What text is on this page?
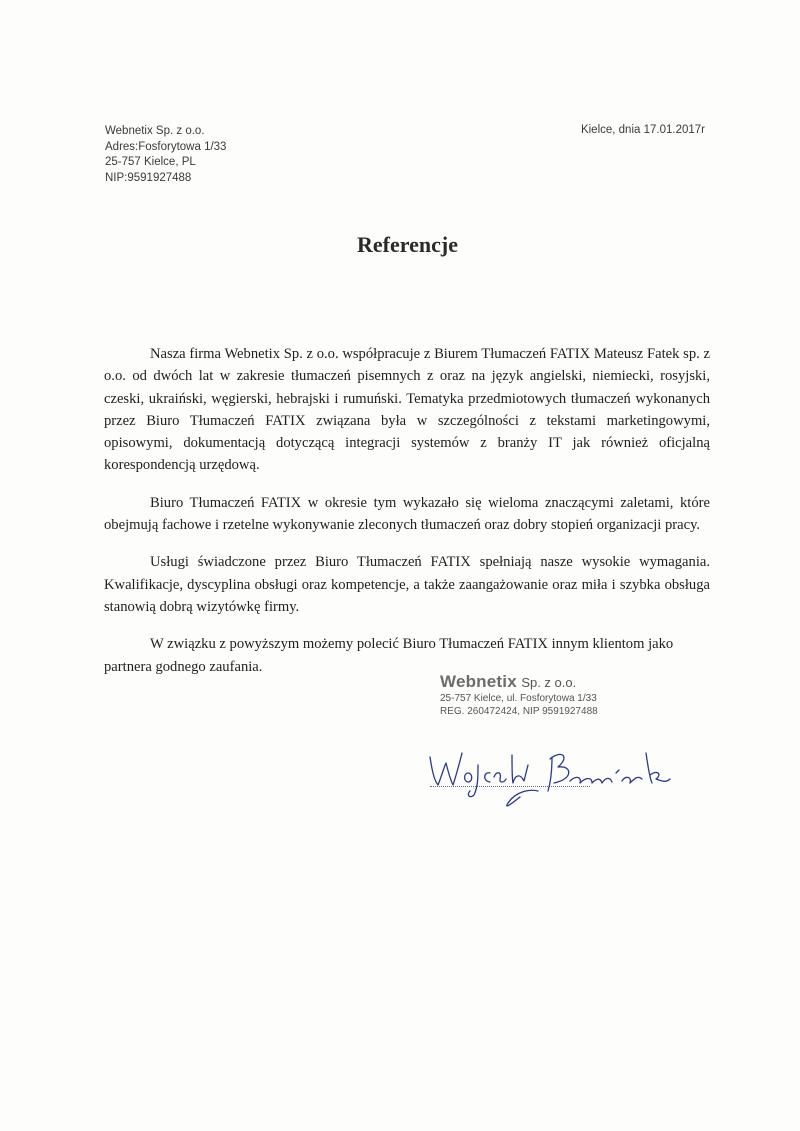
Webnetix Sp. z o.o.
Adres:Fosforytowa 1/33
25-757 Kielce, PL
NIP:9591927488
Kielce, dnia 17.01.2017r
Referencje

Nasza firma Webnetix Sp. z o.o. współpracuje z Biurem Tłumaczeń FATIX Mateusz Fatek sp. z o.o. od dwóch lat w zakresie tłumaczeń pisemnych z oraz na język angielski, niemiecki, rosyjski, czeski, ukraiński, węgierski, hebrajski i rumuński. Tematyka przedmiotowych tłumaczeń wykonanych przez Biuro Tłumaczeń FATIX związana była w szczególności z tekstami marketingowymi, opisowymi, dokumentacją dotyczącą integracji systemów z branży IT jak również oficjalną korespondencją urzędową.

Biuro Tłumaczeń FATIX w okresie tym wykazało się wieloma znaczącymi zaletami, które obejmują fachowe i rzetelne wykonywanie zleconych tłumaczeń oraz dobry stopień organizacji pracy.

Usługi świadczone przez Biuro Tłumaczeń FATIX spełniają nasze wysokie wymagania. Kwalifikacje, dyscyplina obsługi oraz kompetencje, a także zaangażowanie oraz miła i szybka obsługa stanowią dobrą wizytówkę firmy.

W związku z powyższym możemy polecić Biuro Tłumaczeń FATIX innym klientom jako partnera godnego zaufania.

Webnetix Sp. z o.o.
25-757 Kielce, ul. Fosforytowa 1/33
REG. 260472424, NIP 9591927488
